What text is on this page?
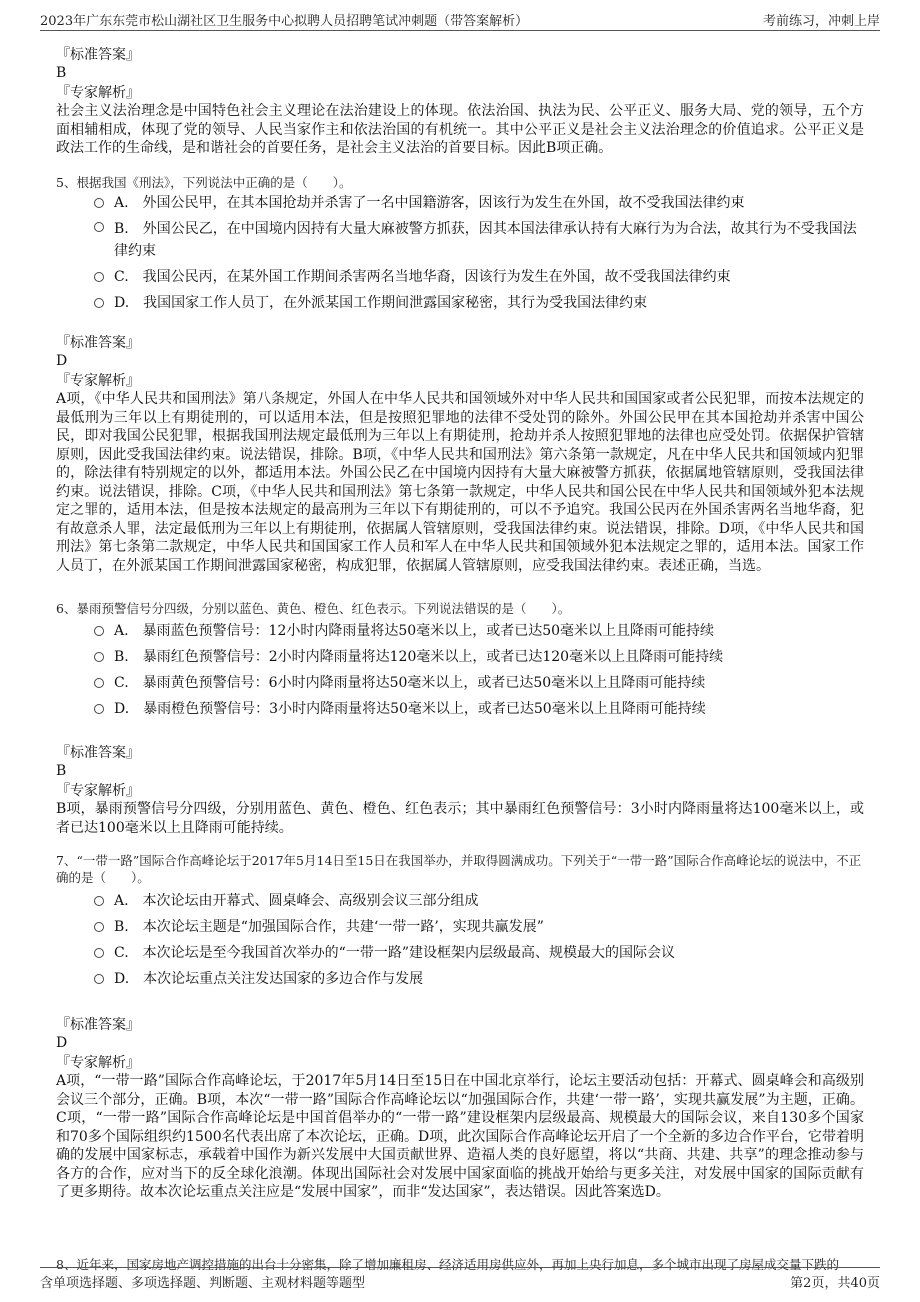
2023年广东东莞市松山湖社区卫生服务中心拟聘人员招聘笔试冲刺题（带答案解析）	考前练习，冲刺上岸

『标准答案』

B

『专家解析』

社会主义法治理念是中国特色社会主义理论在法治建设上的体现。依法治国、执法为民、公平正义、服务大局、党的领导，五个方面相辅相成，体现了党的领导、人民当家作主和依法治国的有机统一。其中公平正义是社会主义法治理念的价值追求。公平正义是政法工作的生命线，是和谐社会的首要任务，是社会主义法治的首要目标。因此B项正确。

5、根据我国《刑法》，下列说法中正确的是（　　）。

A.　外国公民甲，在其本国抢劫并杀害了一名中国籍游客，因该行为发生在外国，故不受我国法律约束
B.　外国公民乙，在中国境内因持有大量大麻被警方抓获，因其本国法律承认持有大麻行为为合法，故其行为不受我国法律约束
C.　我国公民丙，在某外国工作期间杀害两名当地华裔，因该行为发生在外国，故不受我国法律约束
D.　我国国家工作人员丁，在外派某国工作期间泄露国家秘密，其行为受我国法律约束

『标准答案』

D

『专家解析』

A项，《中华人民共和国刑法》第八条规定，外国人在中华人民共和国领域外对中华人民共和国国家或者公民犯罪，而按本法规定的最低刑为三年以上有期徒刑的，可以适用本法，但是按照犯罪地的法律不受处罚的除外。外国公民甲在其本国抢劫并杀害中国公民，即对我国公民犯罪，根据我国刑法规定最低刑为三年以上有期徒刑，抢劫并杀人按照犯罪地的法律也应受处罚。依据保护管辖原则，因此受我国法律约束。说法错误，排除。B项，《中华人民共和国刑法》第六条第一款规定，凡在中华人民共和国领域内犯罪的，除法律有特别规定的以外，都适用本法。外国公民乙在中国境内因持有大量大麻被警方抓获，依据属地管辖原则，受我国法律约束。说法错误，排除。C项，《中华人民共和国刑法》第七条第一款规定，中华人民共和国公民在中华人民共和国领域外犯本法规定之罪的，适用本法，但是按本法规定的最高刑为三年以下有期徒刑的，可以不予追究。我国公民丙在外国杀害两名当地华裔，犯有故意杀人罪，法定最低刑为三年以上有期徒刑，依据属人管辖原则，受我国法律约束。说法错误，排除。D项，《中华人民共和国刑法》第七条第二款规定，中华人民共和国国家工作人员和军人在中华人民共和国领域外犯本法规定之罪的，适用本法。国家工作人员丁，在外派某国工作期间泄露国家秘密，构成犯罪，依据属人管辖原则，应受我国法律约束。表述正确，当选。

6、暴雨预警信号分四级，分别以蓝色、黄色、橙色、红色表示。下列说法错误的是（　　）。

A.　暴雨蓝色预警信号：12小时内降雨量将达50毫米以上，或者已达50毫米以上且降雨可能持续
B.　暴雨红色预警信号：2小时内降雨量将达120毫米以上，或者已达120毫米以上且降雨可能持续
C.　暴雨黄色预警信号：6小时内降雨量将达50毫米以上，或者已达50毫米以上且降雨可能持续
D.　暴雨橙色预警信号：3小时内降雨量将达50毫米以上，或者已达50毫米以上且降雨可能持续

『标准答案』

B

『专家解析』

B项，暴雨预警信号分四级，分别用蓝色、黄色、橙色、红色表示；其中暴雨红色预警信号：3小时内降雨量将达100毫米以上，或者已达100毫米以上且降雨可能持续。

7、“一带一路”国际合作高峰论坛于2017年5月14日至15日在我国举办，并取得圆满成功。下列关于“一带一路”国际合作高峰论坛的说法中，不正确的是（　　）。

A.　本次论坛由开幕式、圆桌峰会、高级别会议三部分组成
B.　本次论坛主题是“加强国际合作，共建‘一带一路’，实现共赢发展”
C.　本次论坛是至今我国首次举办的“一带一路”建设框架内层级最高、规模最大的国际会议
D.　本次论坛重点关注发达国家的多边合作与发展

『标准答案』

D

『专家解析』

A项，“一带一路”国际合作高峰论坛，于2017年5月14日至15日在中国北京举行，论坛主要活动包括：开幕式、圆桌峰会和高级别会议三个部分，正确。B项，本次“一带一路”国际合作高峰论坛以“加强国际合作，共建‘一带一路’，实现共赢发展”为主题，正确。C项，“一带一路”国际合作高峰论坛是中国首倡举办的“一带一路”建设框架内层级最高、规模最大的国际会议，来自130多个国家和70多个国际组织约1500名代表出席了本次论坛，正确。D项，此次国际合作高峰论坛开启了一个全新的多边合作平台，它带着明确的发展中国家标志，承载着中国作为新兴发展中大国贡献世界、造福人类的良好愿望，将以“共商、共建、共享”的理念推动参与各方的合作，应对当下的反全球化浪潮。体现出国际社会对发展中国家面临的挑战开始给与更多关注，对发展中国家的国际贡献有了更多期待。故本次论坛重点关注应是“发展中国家”，而非“发达国家”，表达错误。因此答案选D。

8、近年来，国家房地产调控措施的出台十分密集，除了增加廉租房、经济适用房供应外，再加上央行加息，多个城市出现了房屋成交量下跌的

含单项选择题、多项选择题、判断题、主观材料题等题型	第2页，共40页
